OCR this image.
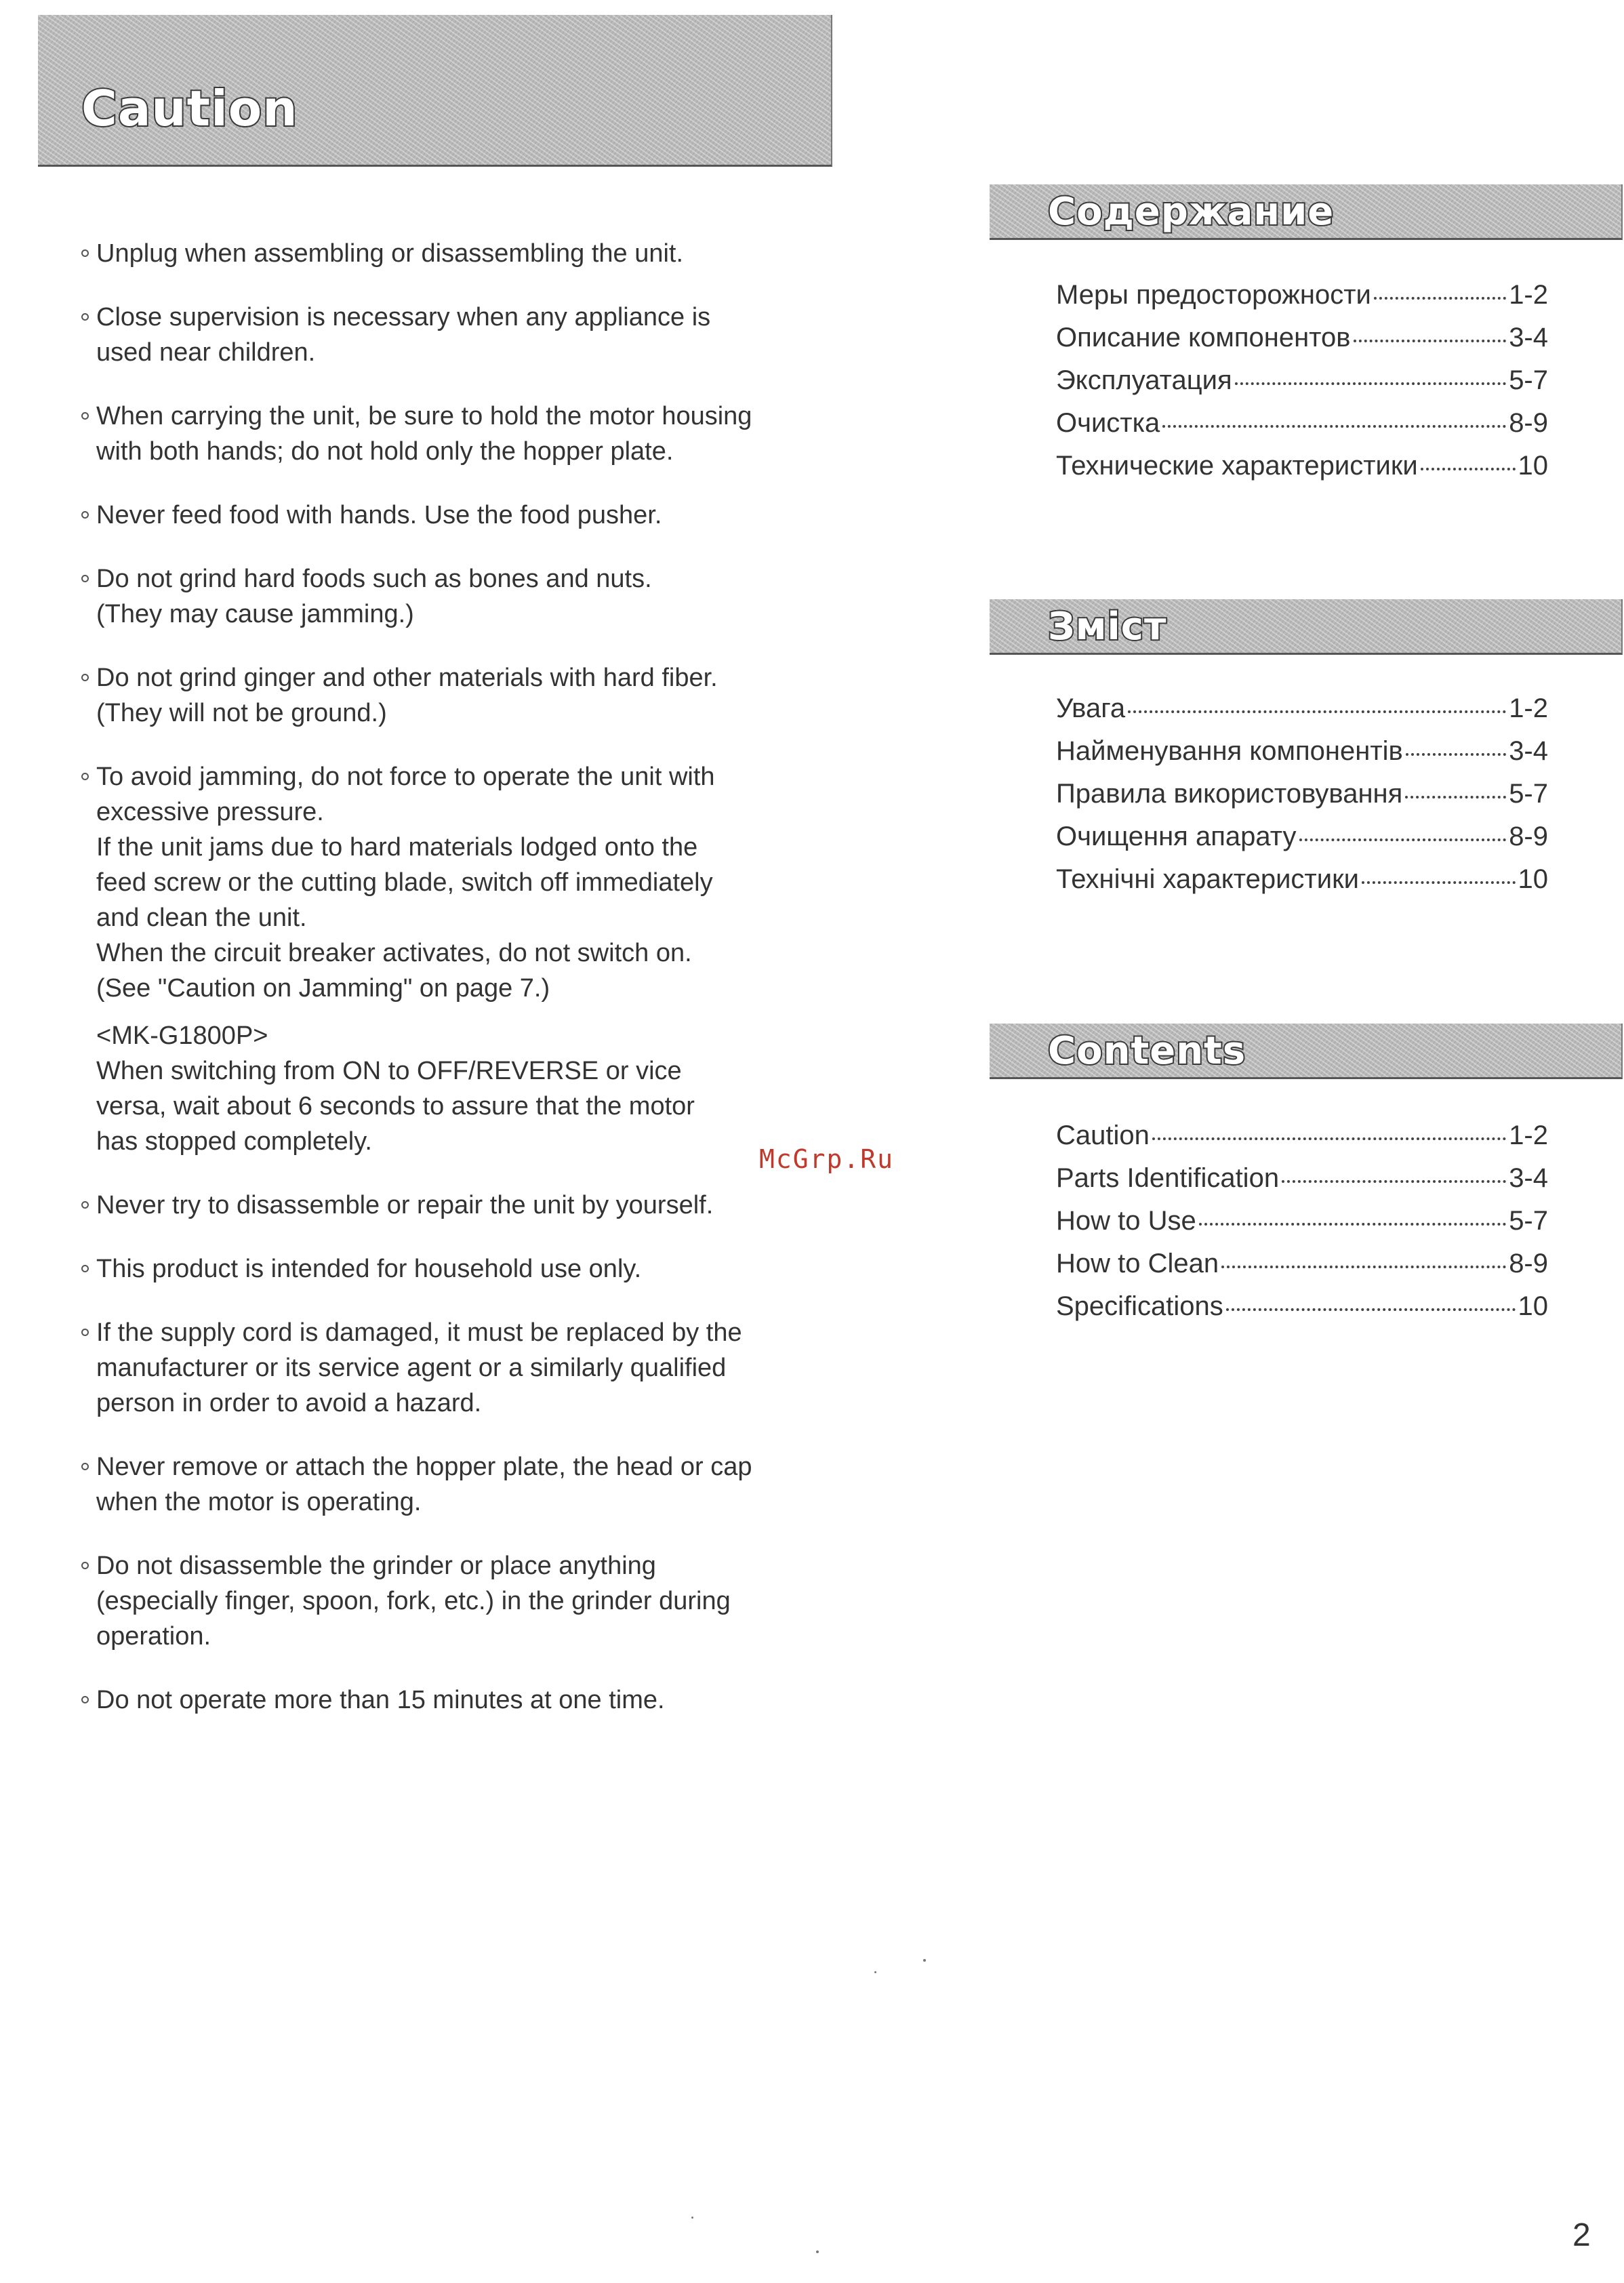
Caution
Unplug when assembling or disassembling the unit.
Close supervision is necessary when any appliance is
used near children.
When carrying the unit, be sure to hold the motor housing
with both hands; do not hold only the hopper plate.
Never feed food with hands. Use the food pusher.
Do not grind hard foods such as bones and nuts.
(They may cause jamming.)
Do not grind ginger and other materials with hard fiber.
(They will not be ground.)
To avoid jamming, do not force to operate the unit with
excessive pressure.
If the unit jams due to hard materials lodged onto the
feed screw or the cutting blade, switch off immediately
and clean the unit.
When the circuit breaker activates, do not switch on.
(See "Caution on Jamming" on page 7.)
<MK-G1800P>
When switching from ON to OFF/REVERSE or vice
versa, wait about 6 seconds to assure that the motor
has stopped completely.
Never try to disassemble or repair the unit by yourself.
This product is intended for household use only.
If the supply cord is damaged, it must be replaced by the
manufacturer or its service agent or a similarly qualified
person in order to avoid a hazard.
Never remove or attach the hopper plate, the head or cap
when the motor is operating.
Do not disassemble the grinder or place anything
(especially finger, spoon, fork, etc.) in the grinder during
operation.
Do not operate more than 15 minutes at one time.
Содержание
Меры предосторожности	1-2
Описание компонентов	3-4
Эксплуатация	5-7
Очистка	8-9
Технические характеристики	10
Зміст
Увага	1-2
Найменування компонентів	3-4
Правила використовування	5-7
Очищення апарату	8-9
Технічні характеристики	10
Contents
Caution	1-2
Parts Identification	3-4
How to Use	5-7
How to Clean	8-9
Specifications	10
McGrp.Ru
2
